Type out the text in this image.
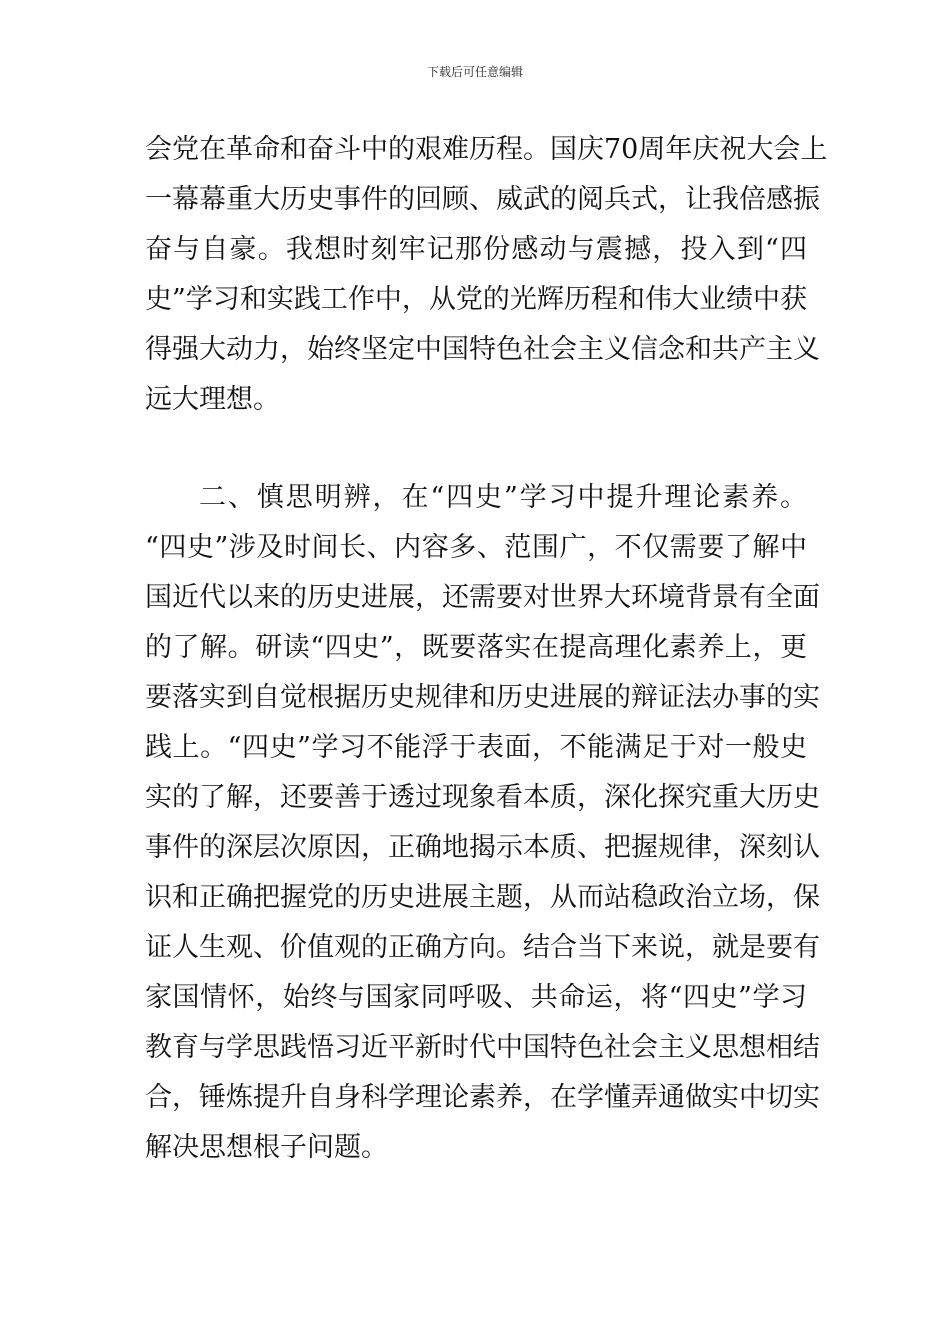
下载后可任意编辑
会党在革命和奋斗中的艰难历程。国庆70周年庆祝大会上
一幕幕重大历史事件的回顾、威武的阅兵式，让我倍感振
奋与自豪。我想时刻牢记那份感动与震撼，投入到“四
史”学习和实践工作中，从党的光辉历程和伟大业绩中获
得强大动力，始终坚定中国特色社会主义信念和共产主义
远大理想。
二、慎思明辨，在“四史”学习中提升理论素养。
“四史”涉及时间长、内容多、范围广，不仅需要了解中
国近代以来的历史进展，还需要对世界大环境背景有全面
的了解。研读“四史”，既要落实在提高理化素养上，更
要落实到自觉根据历史规律和历史进展的辩证法办事的实
践上。“四史”学习不能浮于表面，不能满足于对一般史
实的了解，还要善于透过现象看本质，深化探究重大历史
事件的深层次原因，正确地揭示本质、把握规律，深刻认
识和正确把握党的历史进展主题，从而站稳政治立场，保
证人生观、价值观的正确方向。结合当下来说，就是要有
家国情怀，始终与国家同呼吸、共命运，将“四史”学习
教育与学思践悟习近平新时代中国特色社会主义思想相结
合，锤炼提升自身科学理论素养，在学懂弄通做实中切实
解决思想根子问题。
